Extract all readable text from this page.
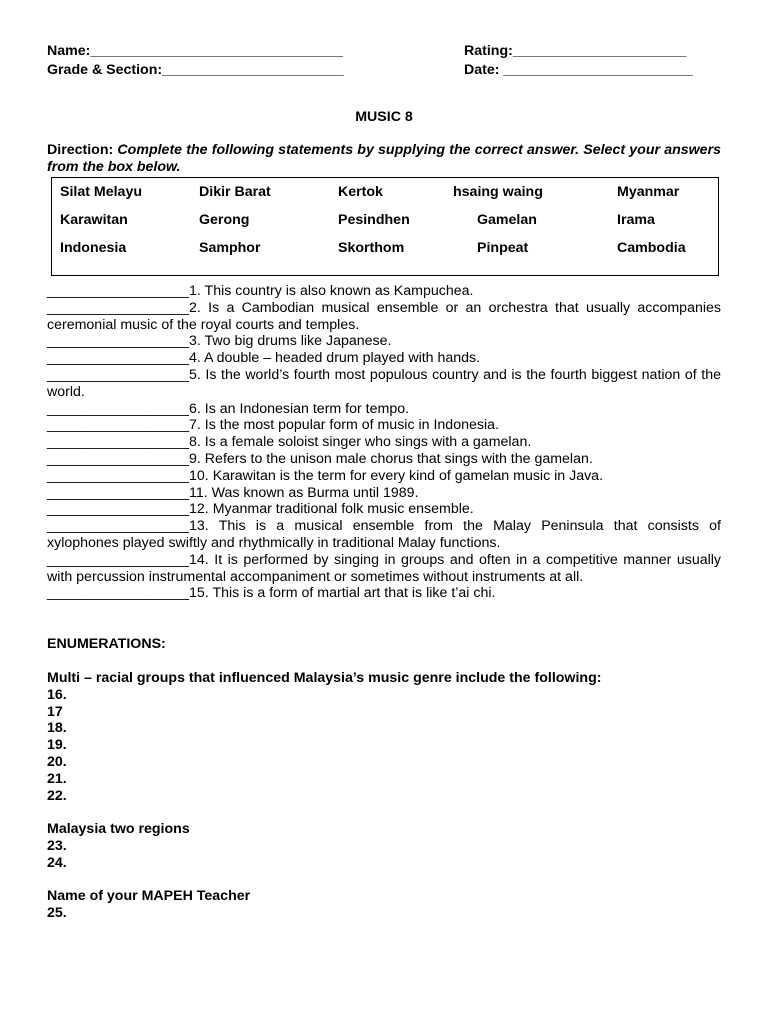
Name:________________________________	Rating:______________________
Grade & Section:_______________________	Date: ________________________
MUSIC 8
Direction: Complete the following statements by supplying the correct answer. Select your answers from the box below.
Silat Melayu	Dikir Barat	Kertok	hsaing waing	Myanmar
Karawitan	Gerong	Pesindhen	Gamelan	Irama
Indonesia	Samphor	Skorthom	Pinpeat	Cambodia
__________________1. This country is also known as Kampuchea.
__________________2. Is a Cambodian musical ensemble or an orchestra that usually accompanies ceremonial music of the royal courts and temples.
__________________3. Two big drums like Japanese.
__________________4. A double – headed drum played with hands.
__________________5. Is the world’s fourth most populous country and is the fourth biggest nation of the world.
__________________6. Is an Indonesian term for tempo.
__________________7. Is the most popular form of music in Indonesia.
__________________8. Is a female soloist singer who sings with a gamelan.
__________________9. Refers to the unison male chorus that sings with the gamelan.
__________________10. Karawitan is the term for every kind of gamelan music in Java.
__________________11. Was known as Burma until 1989.
__________________12. Myanmar traditional folk music ensemble.
__________________13. This is a musical ensemble from the Malay Peninsula that consists of xylophones played swiftly and rhythmically in traditional Malay functions.
__________________14. It is performed by singing in groups and often in a competitive manner usually with percussion instrumental accompaniment or sometimes without instruments at all.
__________________15. This is a form of martial art that is like t’ai chi.
ENUMERATIONS:
Multi – racial groups that influenced Malaysia’s music genre include the following:
16.
17
18.
19.
20.
21.
22.
Malaysia two regions
23.
24.
Name of your MAPEH Teacher
25.
